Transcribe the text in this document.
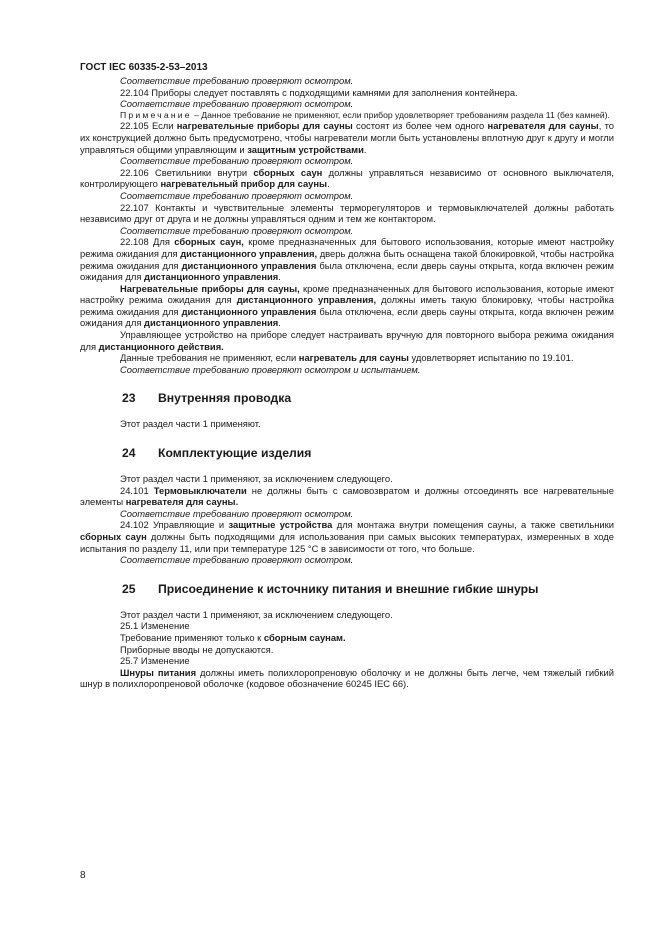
ГОСТ IEC 60335-2-53–2013

Соответствие требованию проверяют осмотром.

22.104 Приборы следует поставлять с подходящими камнями для заполнения контейнера.

Соответствие требованию проверяют осмотром.

Примечание – Данное требование не применяют, если прибор удовлетворяет требованиям раздела 11 (без камней).

22.105 Если нагревательные приборы для сауны состоят из более чем одного нагревателя для сауны, то их конструкцией должно быть предусмотрено, чтобы нагреватели могли быть установлены вплотную друг к другу и могли управляться общими управляющим и защитным устройствами.

Соответствие требованию проверяют осмотром.

22.106 Светильники внутри сборных саун должны управляться независимо от основного выключателя, контролирующего нагревательный прибор для сауны.

Соответствие требованию проверяют осмотром.

22.107 Контакты и чувствительные элементы терморегуляторов и термовыключателей должны работать независимо друг от друга и не должны управляться одним и тем же контактором.

Соответствие требованию проверяют осмотром.

22.108 Для сборных саун, кроме предназначенных для бытового использования, которые имеют настройку режима ожидания для дистанционного управления, дверь должна быть оснащена такой блокировкой, чтобы настройка режима ожидания для дистанционного управления была отключена, если дверь сауны открыта, когда включен режим ожидания для дистанционного управления.

Нагревательные приборы для сауны, кроме предназначенных для бытового использования, которые имеют настройку режима ожидания для дистанционного управления, должны иметь такую блокировку, чтобы настройка режима ожидания для дистанционного управления была отключена, если дверь сауны открыта, когда включен режим ожидания для дистанционного управления.

Управляющее устройство на приборе следует настраивать вручную для повторного выбора режима ожидания для дистанционного действия.

Данные требования не применяют, если нагреватель для сауны удовлетворяет испытанию по 19.101.

Соответствие требованию проверяют осмотром и испытанием.

23 Внутренняя проводка

Этот раздел части 1 применяют.

24 Комплектующие изделия

Этот раздел части 1 применяют, за исключением следующего.

24.101 Термовыключатели не должны быть с самовозвратом и должны отсоединять все нагревательные элементы нагревателя для сауны.

Соответствие требованию проверяют осмотром.

24.102 Управляющие и защитные устройства для монтажа внутри помещения сауны, а также светильники сборных саун должны быть подходящими для использования при самых высоких температурах, измеренных в ходе испытания по разделу 11, или при температуре 125 °С в зависимости от того, что больше.

Соответствие требованию проверяют осмотром.

25 Присоединение к источнику питания и внешние гибкие шнуры

Этот раздел части 1 применяют, за исключением следующего.

25.1 Изменение

Требование применяют только к сборным саунам.

Приборные вводы не допускаются.

25.7 Изменение

Шнуры питания должны иметь полихлоропреновую оболочку и не должны быть легче, чем тяжелый гибкий шнур в полихлоропреновой оболочке (кодовое обозначение 60245 IEC 66).

8
